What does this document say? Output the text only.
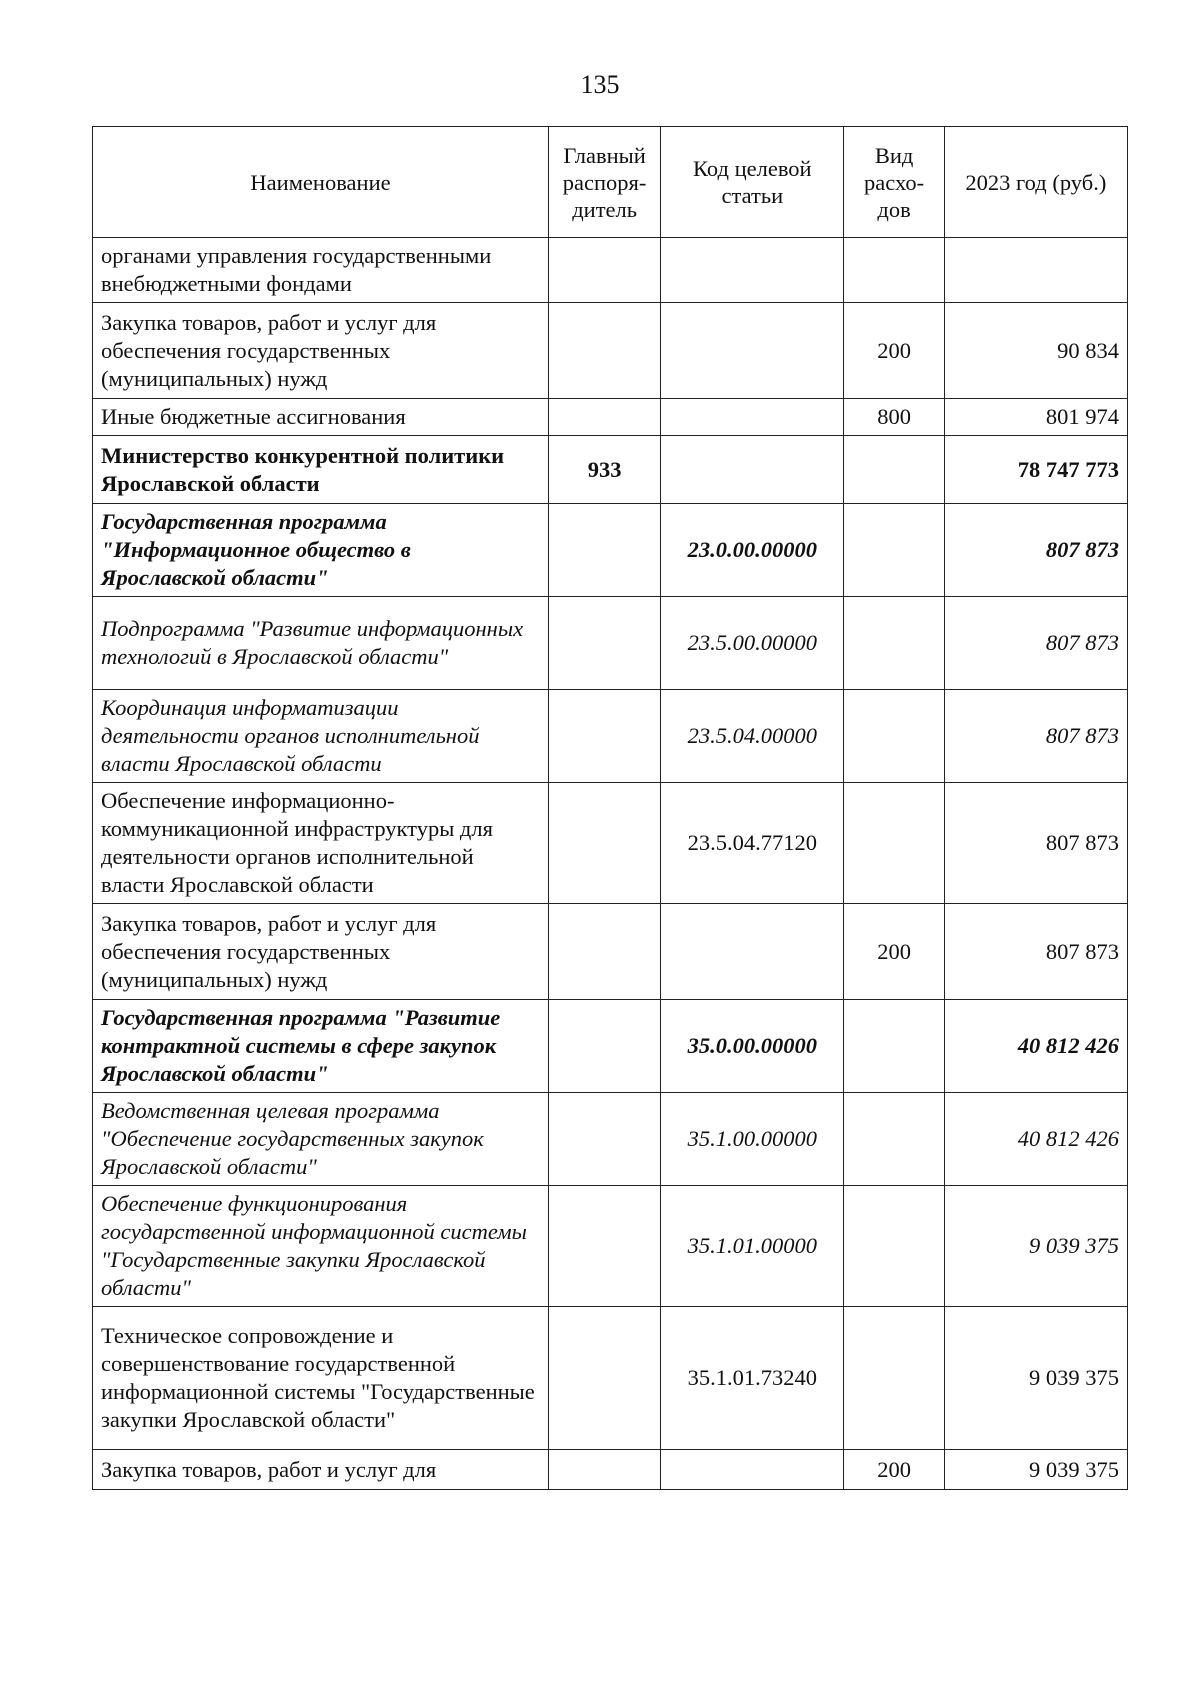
135
Наименование	Главный распоря-дитель	Код целевой статьи	Вид расхо-дов	2023 год (руб.)
органами управления государственными внебюджетными фондами				
Закупка товаров, работ и услуг для обеспечения государственных (муниципальных) нужд			200	90 834
Иные бюджетные ассигнования			800	801 974
Министерство конкурентной политики Ярославской области	933			78 747 773
Государственная программа "Информационное общество в Ярославской области"		23.0.00.00000		807 873
Подпрограмма "Развитие информационных технологий в Ярославской области"		23.5.00.00000		807 873
Координация информатизации деятельности органов исполнительной власти Ярославской области		23.5.04.00000		807 873
Обеспечение информационно-коммуникационной инфраструктуры для деятельности органов исполнительной власти Ярославской области		23.5.04.77120		807 873
Закупка товаров, работ и услуг для обеспечения государственных (муниципальных) нужд			200	807 873
Государственная программа "Развитие контрактной системы в сфере закупок Ярославской области"		35.0.00.00000		40 812 426
Ведомственная целевая программа "Обеспечение государственных закупок Ярославской области"		35.1.00.00000		40 812 426
Обеспечение функционирования государственной информационной системы "Государственные закупки Ярославской области"		35.1.01.00000		9 039 375
Техническое сопровождение и совершенствование государственной информационной системы "Государственные закупки Ярославской области"		35.1.01.73240		9 039 375
Закупка товаров, работ и услуг для			200	9 039 375
